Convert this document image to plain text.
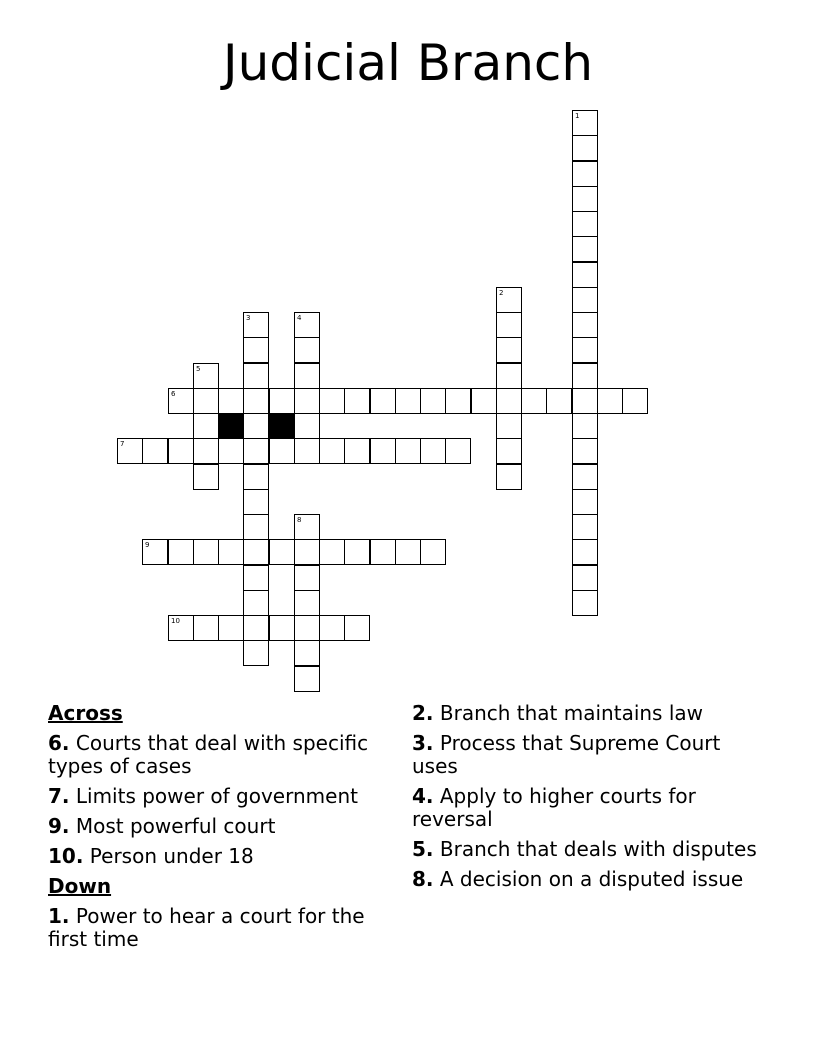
Judicial Branch
6
7
9
10
1
2
3	4
5
8
Across
6. Courts that deal with specific types of cases
7. Limits power of government
9. Most powerful court
10. Person under 18
Down
1. Power to hear a court for the first time
2. Branch that maintains law
3. Process that Supreme Court uses
4. Apply to higher courts for reversal
5. Branch that deals with disputes
8. A decision on a disputed issue
